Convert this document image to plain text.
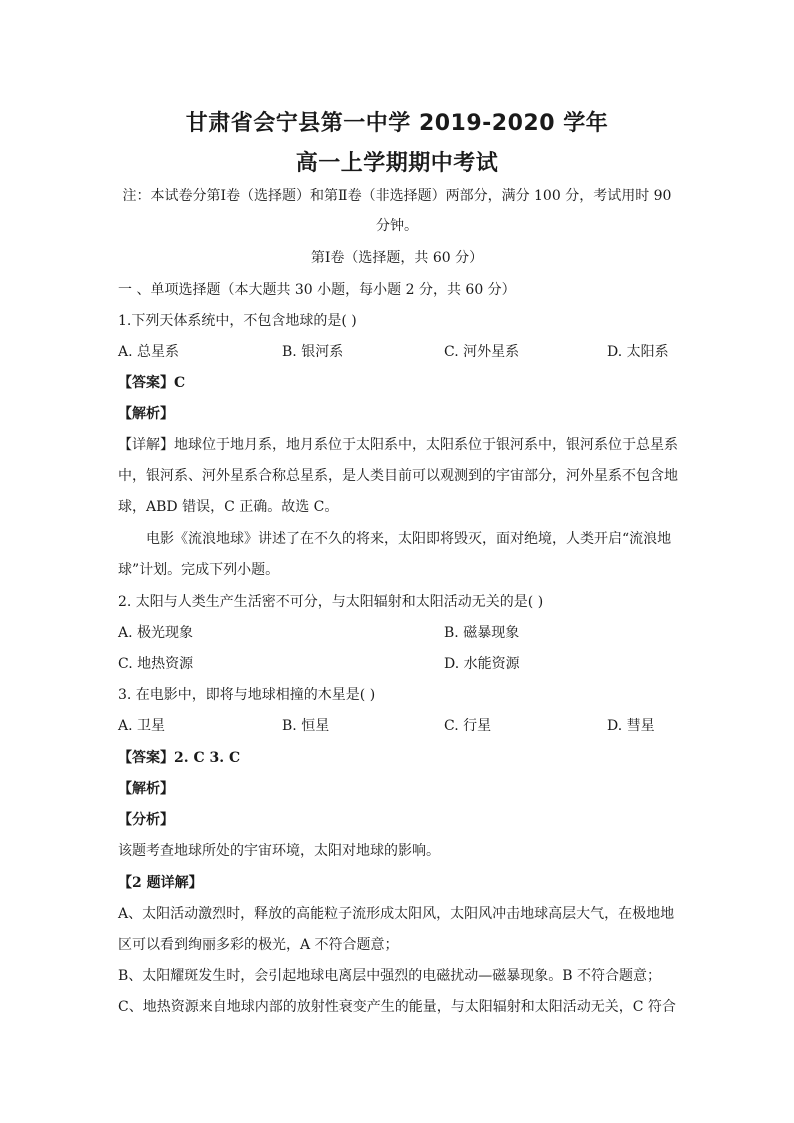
甘肃省会宁县第一中学 2019-2020 学年
高一上学期期中考试
注：本试卷分第Ⅰ卷（选择题）和第Ⅱ卷（非选择题）两部分，满分 100 分，考试用时 90
分钟。
第Ⅰ卷（选择题，共 60 分）
一 、单项选择题（本大题共 30 小题，每小题 2 分，共 60 分）
1.下列天体系统中，不包含地球的是( )
A. 总星系	B. 银河系	C. 河外星系	D. 太阳系
【答案】C
【解析】
【详解】地球位于地月系，地月系位于太阳系中，太阳系位于银河系中，银河系位于总星系
中，银河系、河外星系合称总星系，是人类目前可以观测到的宇宙部分，河外星系不包含地
球，ABD 错误，C 正确。故选 C。
电影《流浪地球》讲述了在不久的将来，太阳即将毁灭，面对绝境，人类开启“流浪地
球”计划。完成下列小题。
2. 太阳与人类生产生活密不可分，与太阳辐射和太阳活动无关的是( )
A. 极光现象	B. 磁暴现象
C. 地热资源	D. 水能资源
3. 在电影中，即将与地球相撞的木星是( )
A. 卫星	B. 恒星	C. 行星	D. 彗星
【答案】2. C 3. C
【解析】
【分析】
该题考查地球所处的宇宙环境，太阳对地球的影响。
【2 题详解】
A、太阳活动激烈时，释放的高能粒子流形成太阳风，太阳风冲击地球高层大气，在极地地
区可以看到绚丽多彩的极光，A 不符合题意；
B、太阳耀斑发生时，会引起地球电离层中强烈的电磁扰动—磁暴现象。B 不符合题意；
C、地热资源来自地球内部的放射性衰变产生的能量，与太阳辐射和太阳活动无关，C 符合
